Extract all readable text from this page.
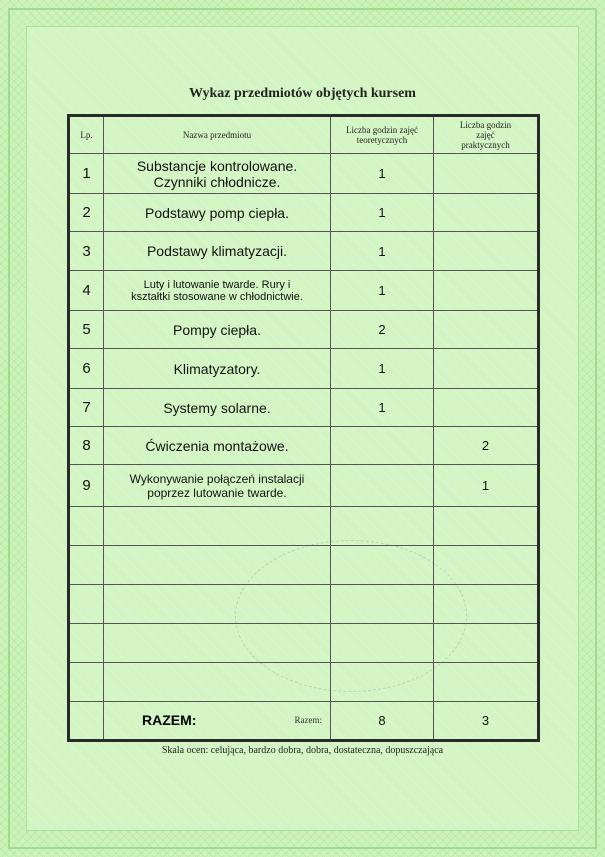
Wykaz przedmiotów objętych kursem
Lp.	Nazwa przedmiotu	Liczba godzin zajęć teoretycznych	Liczba godzin zajęć praktycznych

1	Substancje kontrolowane. Czynniki chłodnicze.	1	
2	Podstawy pomp ciepła.	1	
3	Podstawy klimatyzacji.	1	
4	Luty i lutowanie twarde. Rury i kształtki stosowane w chłodnictwie.	1	
5	Pompy ciepła.	2	
6	Klimatyzatory.	1	
7	Systemy solarne.	1	
8	Ćwiczenia montażowe.		2
9	Wykonywanie połączeń instalacji poprzez lutowanie twarde.		1

	RAZEM: Razem:	8	3
Skala ocen: celująca, bardzo dobra, dobra, dostateczna, dopuszczająca
